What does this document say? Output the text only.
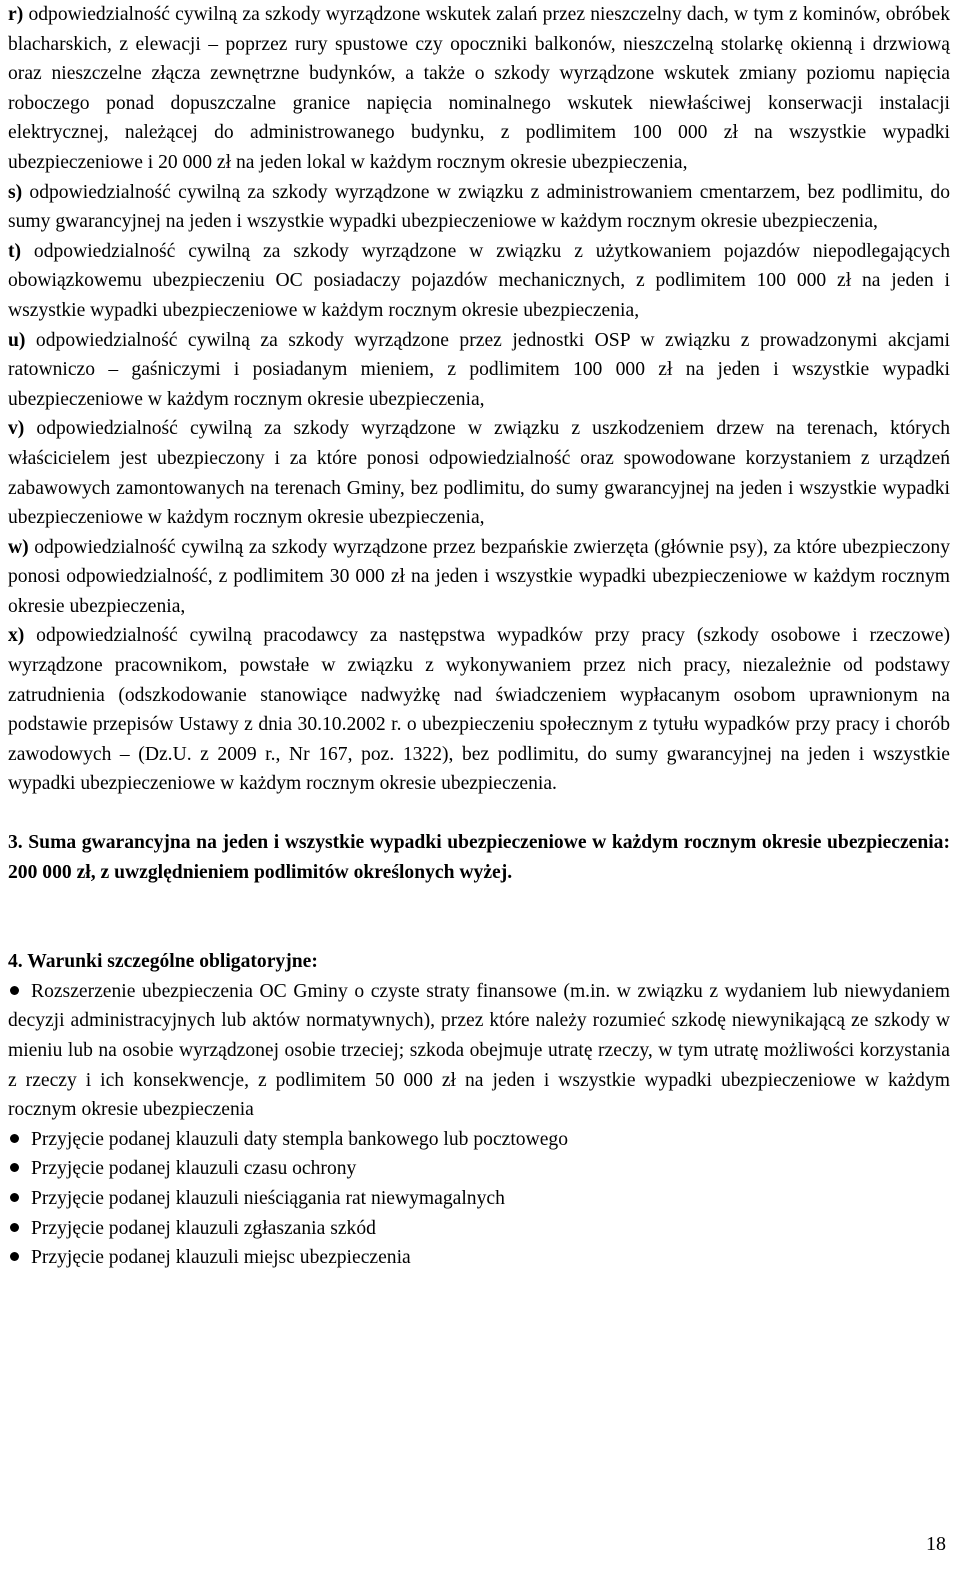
r) odpowiedzialność cywilną za szkody wyrządzone wskutek zalań przez nieszczelny dach, w tym z kominów, obróbek blacharskich, z elewacji – poprzez rury spustowe czy opoczniki balkonów, nieszczelną stolarkę okienną i drzwiową oraz nieszczelne złącza zewnętrzne budynków, a także o szkody wyrządzone wskutek zmiany poziomu napięcia roboczego ponad dopuszczalne granice napięcia nominalnego wskutek niewłaściwej konserwacji instalacji elektrycznej, należącej do administrowanego budynku, z podlimitem 100 000 zł na wszystkie wypadki ubezpieczeniowe i 20 000 zł na jeden lokal w każdym rocznym okresie ubezpieczenia,

s) odpowiedzialność cywilną za szkody wyrządzone w związku z administrowaniem cmentarzem, bez podlimitu, do sumy gwarancyjnej na jeden i wszystkie wypadki ubezpieczeniowe w każdym rocznym okresie ubezpieczenia,

t) odpowiedzialność cywilną za szkody wyrządzone w związku z użytkowaniem pojazdów niepodlegających obowiązkowemu ubezpieczeniu OC posiadaczy pojazdów mechanicznych, z podlimitem 100 000 zł na jeden i wszystkie wypadki ubezpieczeniowe w każdym rocznym okresie ubezpieczenia,

u) odpowiedzialność cywilną za szkody wyrządzone przez jednostki OSP w związku z prowadzonymi akcjami ratowniczo – gaśniczymi i posiadanym mieniem, z podlimitem 100 000 zł na jeden i wszystkie wypadki ubezpieczeniowe w każdym rocznym okresie ubezpieczenia,

v) odpowiedzialność cywilną za szkody wyrządzone w związku z uszkodzeniem drzew na terenach, których właścicielem jest ubezpieczony i za które ponosi odpowiedzialność oraz spowodowane korzystaniem z urządzeń zabawowych zamontowanych na terenach Gminy, bez podlimitu, do sumy gwarancyjnej na jeden i wszystkie wypadki ubezpieczeniowe w każdym rocznym okresie ubezpieczenia,

w) odpowiedzialność cywilną za szkody wyrządzone przez bezpańskie zwierzęta (głównie psy), za które ubezpieczony ponosi odpowiedzialność, z podlimitem 30 000 zł na jeden i wszystkie wypadki ubezpieczeniowe w każdym rocznym okresie ubezpieczenia,

x) odpowiedzialność cywilną pracodawcy za następstwa wypadków przy pracy (szkody osobowe i rzeczowe) wyrządzone pracownikom, powstałe w związku z wykonywaniem przez nich pracy, niezależnie od podstawy zatrudnienia (odszkodowanie stanowiące nadwyżkę nad świadczeniem wypłacanym osobom uprawnionym na podstawie przepisów Ustawy z dnia 30.10.2002 r. o ubezpieczeniu społecznym z tytułu wypadków przy pracy i chorób zawodowych – (Dz.U. z 2009 r., Nr 167, poz. 1322), bez podlimitu, do sumy gwarancyjnej na jeden i wszystkie wypadki ubezpieczeniowe w każdym rocznym okresie ubezpieczenia.

3. Suma gwarancyjna na jeden i wszystkie wypadki ubezpieczeniowe w każdym rocznym okresie ubezpieczenia: 200 000 zł, z uwzględnieniem podlimitów określonych wyżej.

4. Warunki szczególne obligatoryjne:

Rozszerzenie ubezpieczenia OC Gminy o czyste straty finansowe (m.in. w związku z wydaniem lub niewydaniem decyzji administracyjnych lub aktów normatywnych), przez które należy rozumieć szkodę niewynikającą ze szkody w mieniu lub na osobie wyrządzonej osobie trzeciej; szkoda obejmuje utratę rzeczy, w tym utratę możliwości korzystania z rzeczy i ich konsekwencje, z podlimitem 50 000 zł na jeden i wszystkie wypadki ubezpieczeniowe w każdym rocznym okresie ubezpieczenia
Przyjęcie podanej klauzuli daty stempla bankowego lub pocztowego
Przyjęcie podanej klauzuli czasu ochrony
Przyjęcie podanej klauzuli nieściągania rat niewymagalnych
Przyjęcie podanej klauzuli zgłaszania szkód
Przyjęcie podanej klauzuli miejsc ubezpieczenia
18
